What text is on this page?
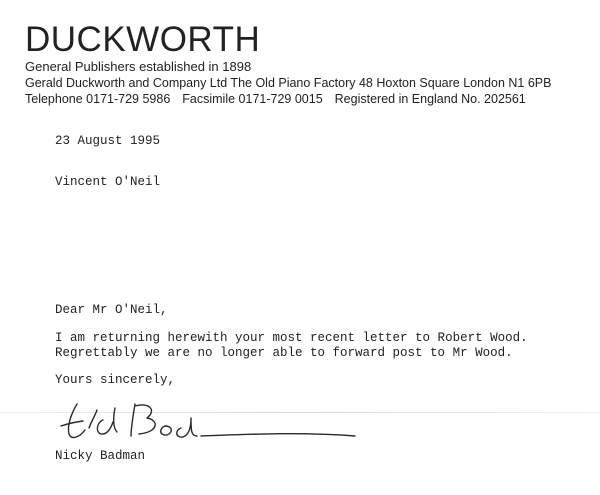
DUCKWORTH
General Publishers established in 1898
Gerald Duckworth and Company Ltd The Old Piano Factory 48 Hoxton Square London N1 6PB
Telephone 0171-729 5986 Facsimile 0171-729 0015 Registered in England No. 202561
23 August 1995
Vincent O'Neil
Dear Mr O'Neil,
I am returning herewith your most recent letter to Robert Wood.
Regrettably we are no longer able to forward post to Mr Wood.
Yours sincerely,
Nicky Badman
